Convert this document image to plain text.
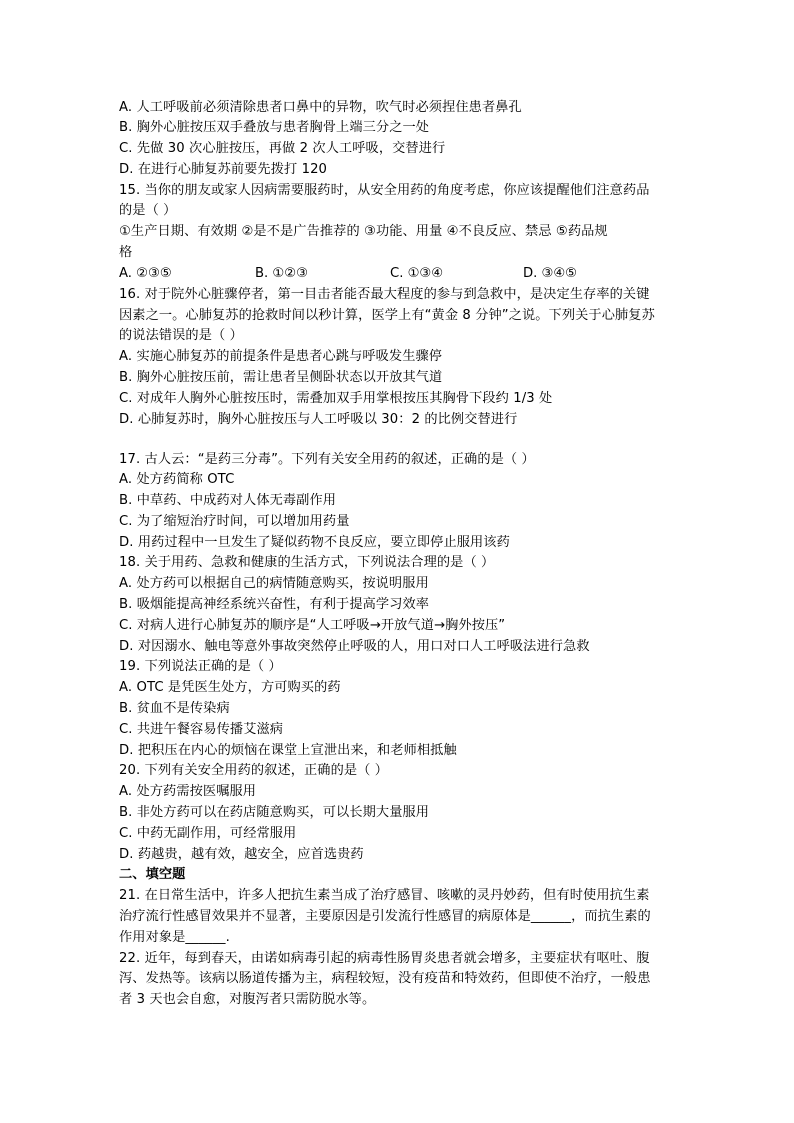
A. 人工呼吸前必须清除患者口鼻中的异物，吹气时必须捏住患者鼻孔
B. 胸外心脏按压双手叠放与患者胸骨上端三分之一处
C. 先做 30 次心脏按压，再做 2 次人工呼吸，交替进行
D. 在进行心肺复苏前要先拨打 120
15. 当你的朋友或家人因病需要服药时，从安全用药的角度考虑，你应该提醒他们注意药品
的是（ ）
①生产日期、有效期 ②是不是广告推荐的 ③功能、用量 ④不良反应、禁忌 ⑤药品规
格
A. ②③⑤	B. ①②③	C. ①③④	D. ③④⑤
16. 对于院外心脏骤停者，第一目击者能否最大程度的参与到急救中，是决定生存率的关键
因素之一。心肺复苏的抢救时间以秒计算，医学上有“黄金 8 分钟”之说。下列关于心肺复苏
的说法错误的是（ ）
A. 实施心肺复苏的前提条件是患者心跳与呼吸发生骤停
B. 胸外心脏按压前，需让患者呈侧卧状态以开放其气道
C. 对成年人胸外心脏按压时，需叠加双手用掌根按压其胸骨下段约 1/3 处
D. 心肺复苏时，胸外心脏按压与人工呼吸以 30：2 的比例交替进行
17. 古人云：“是药三分毒”。下列有关安全用药的叙述，正确的是（ ）
A. 处方药简称 OTC
B. 中草药、中成药对人体无毒副作用
C. 为了缩短治疗时间，可以增加用药量
D. 用药过程中一旦发生了疑似药物不良反应，要立即停止服用该药
18. 关于用药、急救和健康的生活方式，下列说法合理的是（ ）
A. 处方药可以根据自己的病情随意购买，按说明服用
B. 吸烟能提高神经系统兴奋性，有利于提高学习效率
C. 对病人进行心肺复苏的顺序是“人工呼吸→开放气道→胸外按压”
D. 对因溺水、触电等意外事故突然停止呼吸的人，用口对口人工呼吸法进行急救
19. 下列说法正确的是（ ）
A. OTC 是凭医生处方，方可购买的药
B. 贫血不是传染病
C. 共进午餐容易传播艾滋病
D. 把积压在内心的烦恼在课堂上宣泄出来，和老师相抵触
20. 下列有关安全用药的叙述，正确的是（ ）
A. 处方药需按医嘱服用
B. 非处方药可以在药店随意购买，可以长期大量服用
C. 中药无副作用，可经常服用
D. 药越贵，越有效，越安全，应首选贵药
二、填空题
21. 在日常生活中，许多人把抗生素当成了治疗感冒、咳嗽的灵丹妙药，但有时使用抗生素
治疗流行性感冒效果并不显著，主要原因是引发流行性感冒的病原体是______，而抗生素的
作用对象是______.
22. 近年，每到春天，由诺如病毒引起的病毒性肠胃炎患者就会增多，主要症状有呕吐、腹
泻、发热等。该病以肠道传播为主，病程较短，没有疫苗和特效药，但即使不治疗，一般患
者 3 天也会自愈，对腹泻者只需防脱水等。
